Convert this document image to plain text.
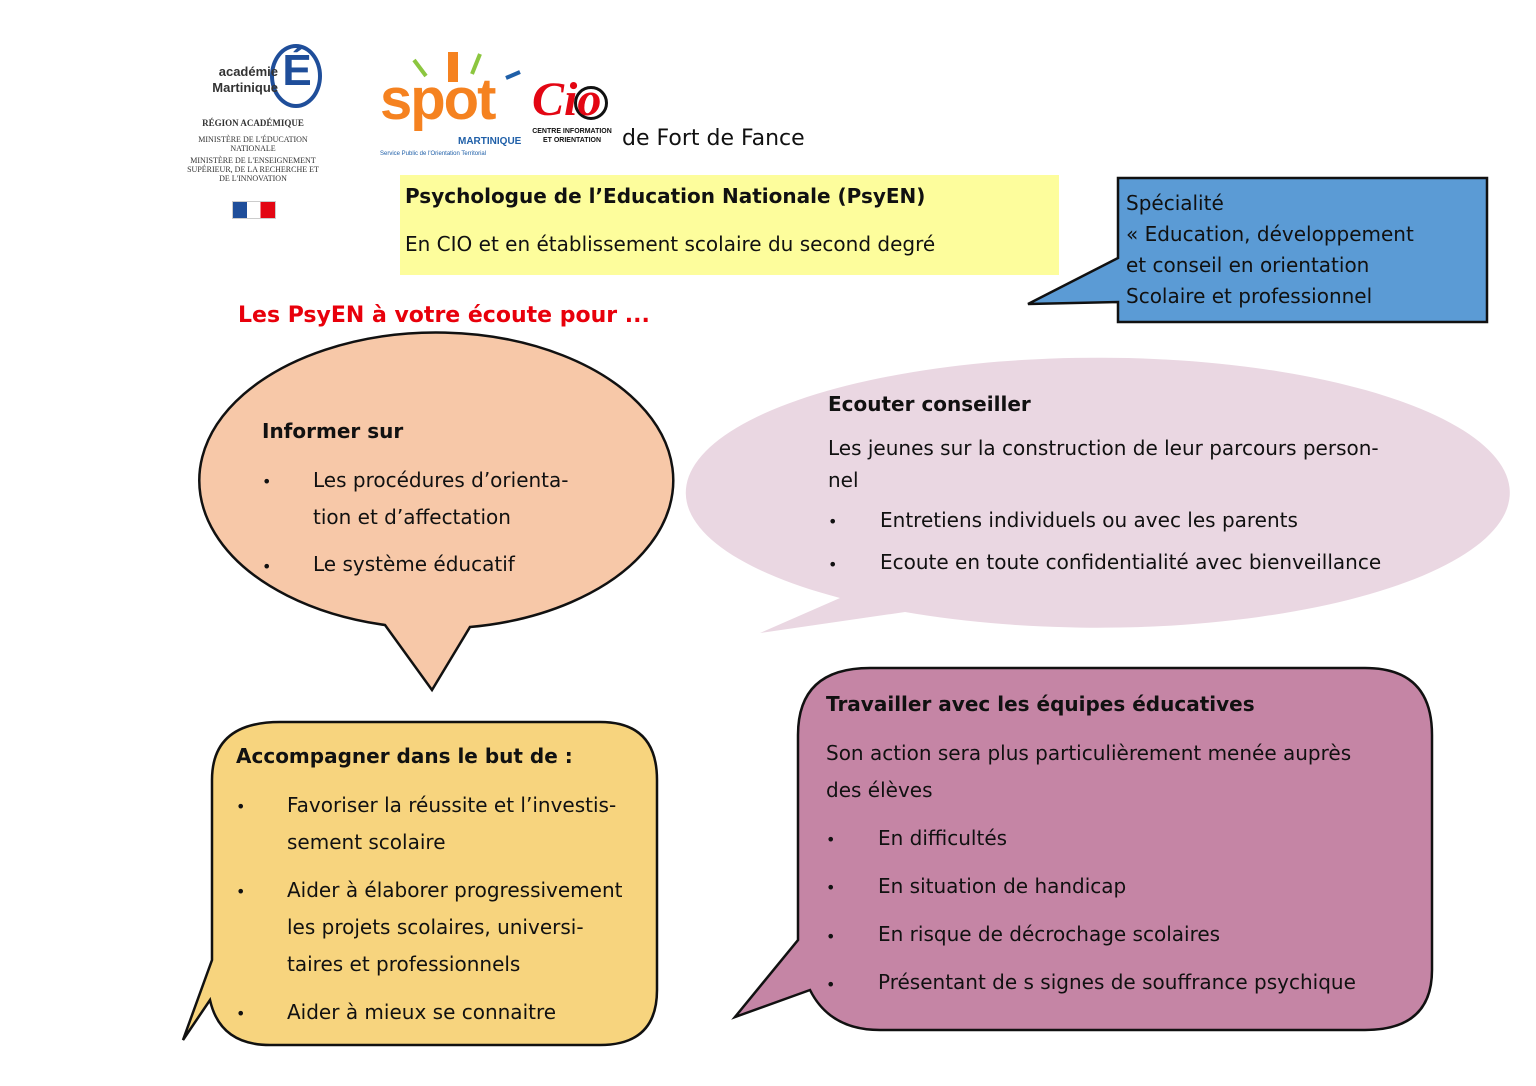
É
académie
Martinique
RÉGION ACADÉMIQUE
MINISTÈRE DE L'ÉDUCATION NATIONALE
MINISTÈRE DE L'ENSEIGNEMENT SUPÉRIEUR, DE LA RECHERCHE ET DE L'INNOVATION
spot
MARTINIQUE
Service Public de l'Orientation Territorial
Cio
CENTRE INFORMATION
ET ORIENTATION de Fort de Fance
Psychologue de l’Education Nationale (PsyEN)
En CIO et en établissement scolaire du second degré
Spécialité
« Education, développement
et conseil en orientation
Scolaire et professionnel
Les PsyEN à votre écoute pour ...
Informer sur
• Les procédures d’orienta-
tion et d’affectation
• Le système éducatif
Ecouter conseiller
Les jeunes sur la construction de leur parcours person-
nel
• Entretiens individuels ou avec les parents
• Ecoute en toute confidentialité avec bienveillance
Accompagner dans le but de :
• Favoriser la réussite et l’investis-
sement scolaire
• Aider à élaborer progressivement
les projets scolaires, universi-
taires et professionnels
• Aider à mieux se connaitre
Travailler avec les équipes éducatives
Son action sera plus particulièrement menée auprès
des élèves
• En difficultés
• En situation de handicap
• En risque de décrochage scolaires
• Présentant de s signes de souffrance psychique
